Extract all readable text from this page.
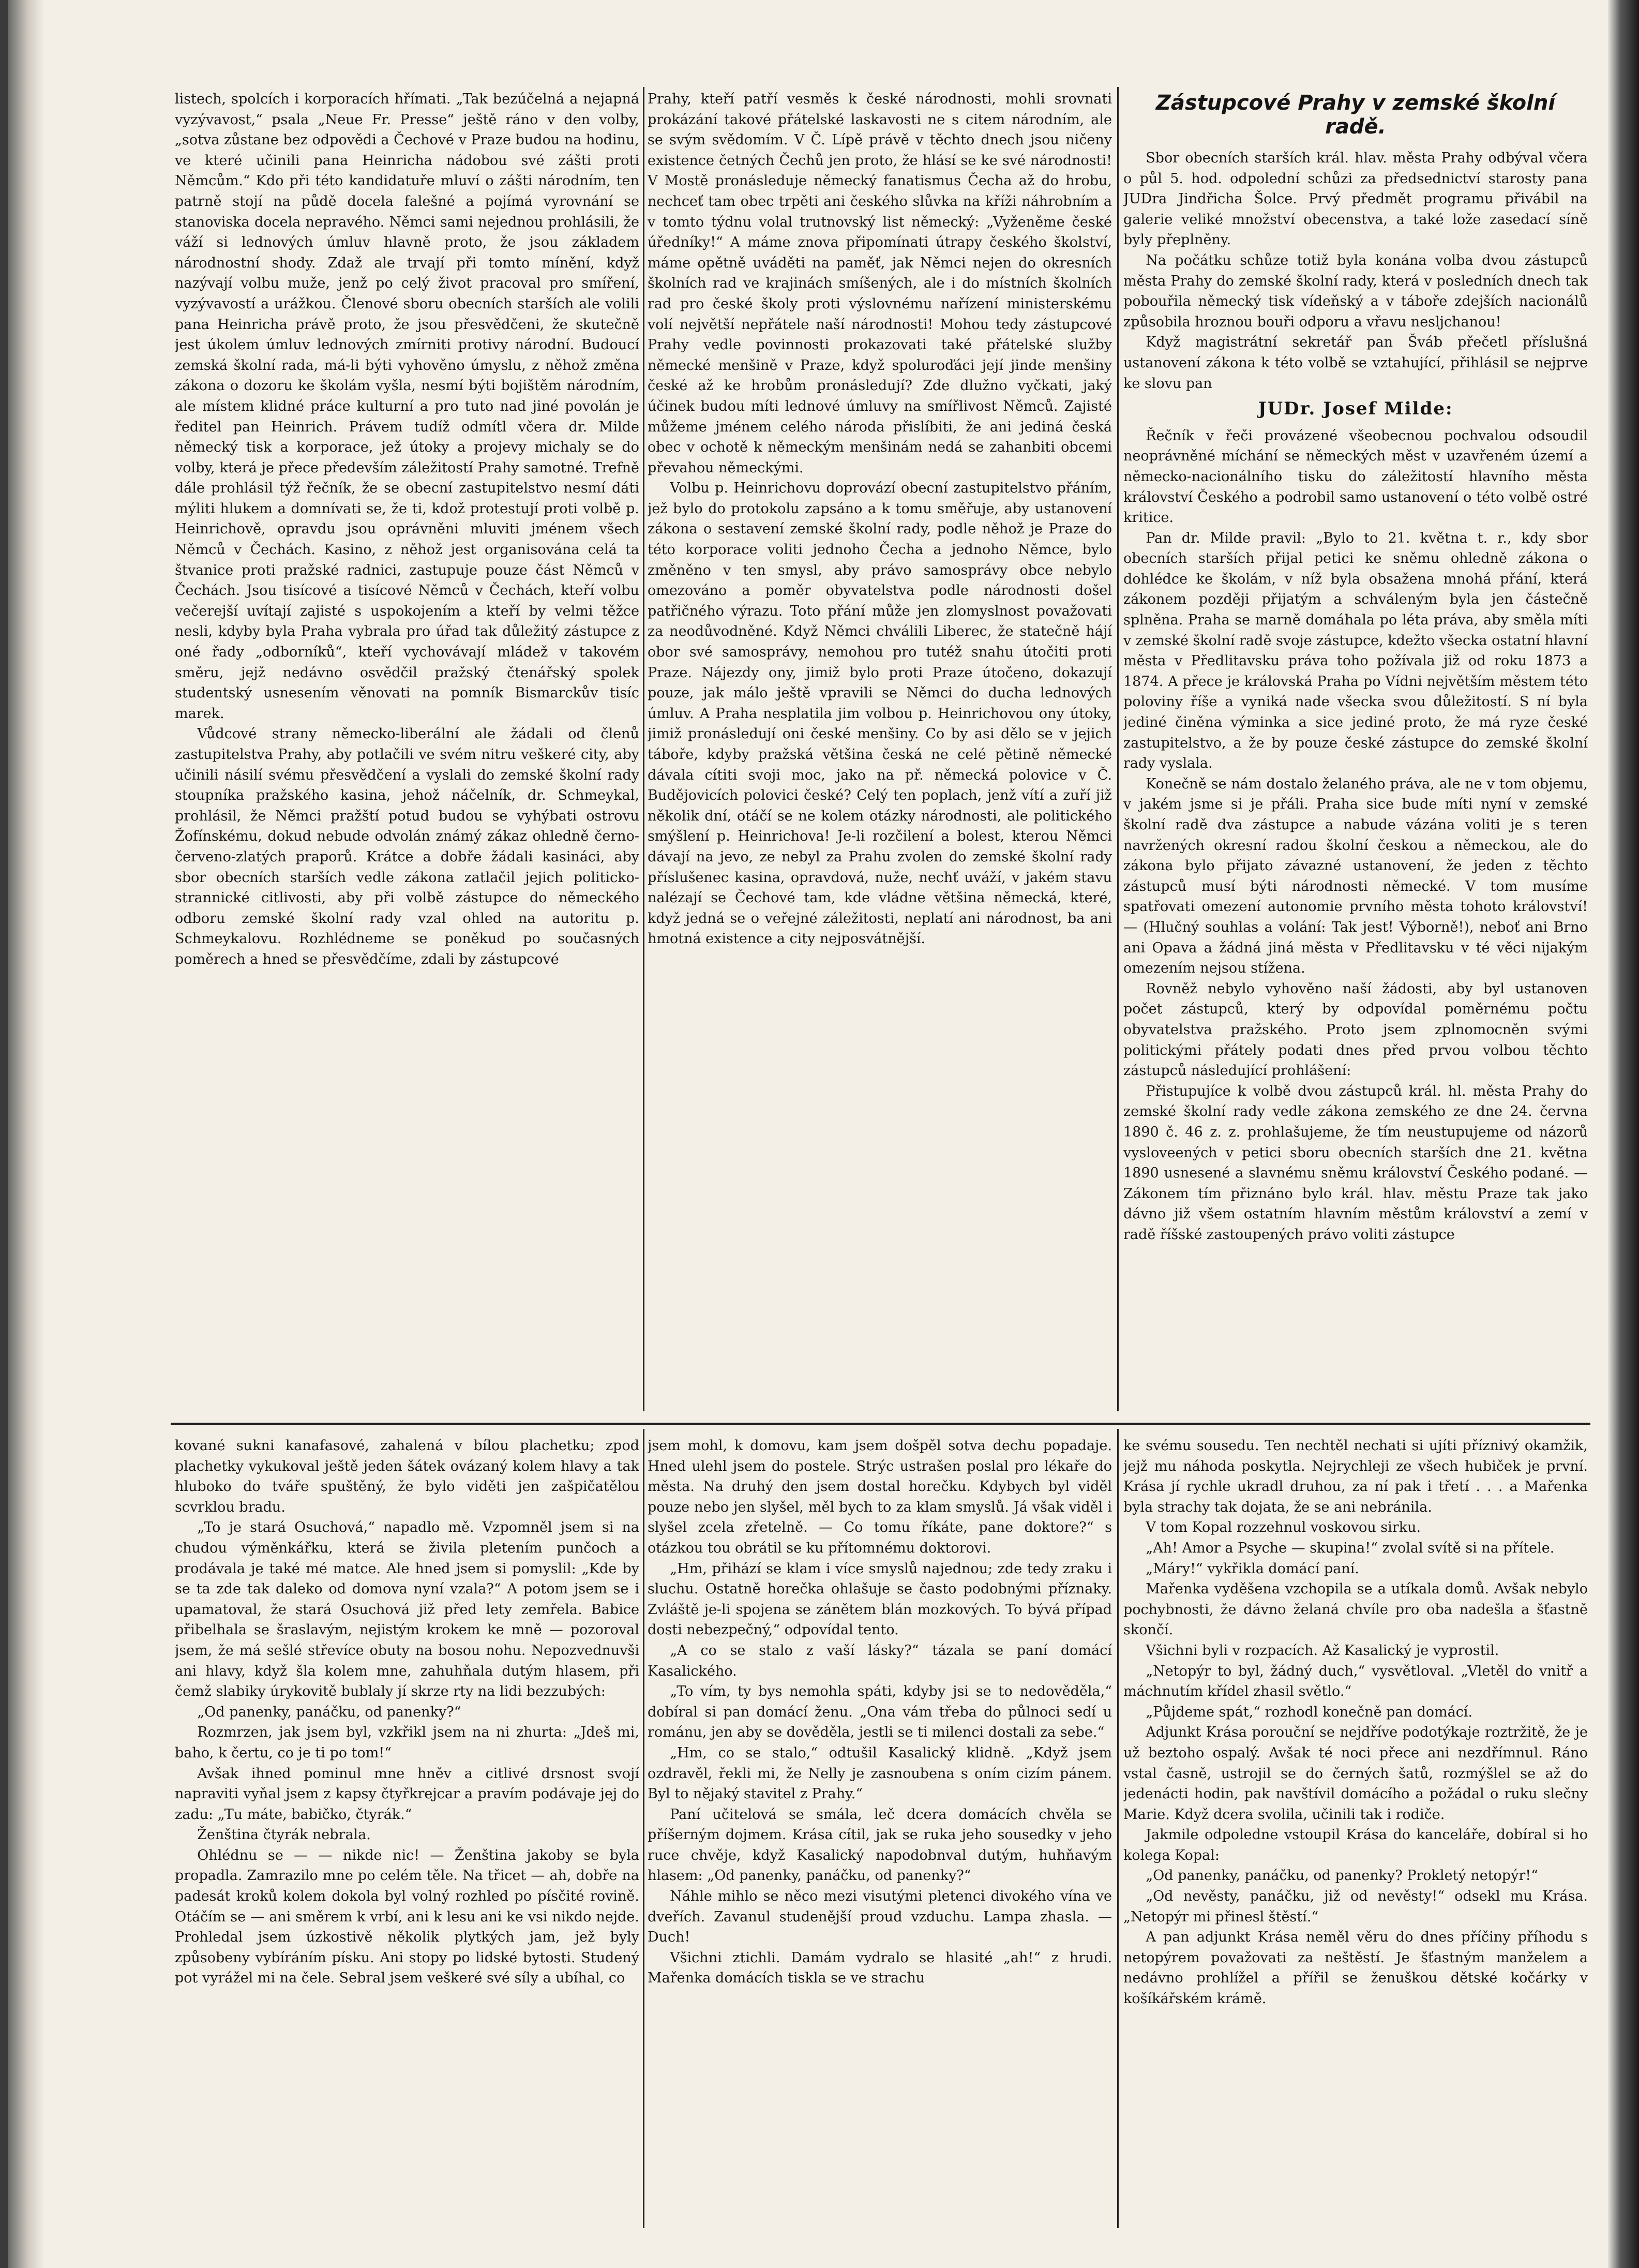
listech, spolcích i korporacích hřímati. „Tak bezúčelná a nejapná vyzývavost,“ psala „Neue Fr. Presse“ ještě ráno v den volby, „sotva zůstane bez odpovědi a Čechové v Praze budou na hodinu, ve které učinili pana Heinricha nádobou své zášti proti Němcům.“ Kdo při této kandidatuře mluví o zášti národním, ten patrně stojí na půdě docela falešné a pojímá vyrovnání se stanoviska docela nepravého. Němci sami nejednou prohlásili, že váží si lednových úmluv hlavně proto, že jsou základem národnostní shody. Zdaž ale trvají při tomto mínění, když nazývají volbu muže, jenž po celý život pracoval pro smíření, vyzývavostí a urážkou. Členové sboru obecních starších ale volili pana Heinricha právě proto, že jsou přesvědčeni, že skutečně jest úkolem úmluv lednových zmírniti protivy národní. Budoucí zemská školní rada, má-li býti vyhověno úmyslu, z něhož změna zákona o dozoru ke školám vyšla, nesmí býti bojištěm národním, ale místem klidné práce kulturní a pro tuto nad jiné povolán je ředitel pan Heinrich. Právem tudíž odmítl včera dr. Milde německý tisk a korporace, jež útoky a projevy michaly se do volby, která je přece především záležitostí Prahy samotné. Trefně dále prohlásil týž řečník, že se obecní zastupitelstvo nesmí dáti mýliti hlukem a domnívati se, že ti, kdož protestují proti volbě p. Heinrichově, opravdu jsou oprávněni mluviti jménem všech Němců v Čechách. Kasino, z něhož jest organisována celá ta štvanice proti pražské radnici, zastupuje pouze část Němců v Čechách. Jsou tisícové a tisícové Němců v Čechách, kteří volbu večerejší uvítají zajisté s uspokojením a kteří by velmi těžce nesli, kdyby byla Praha vybrala pro úřad tak důležitý zástupce z oné řady „odborníků“, kteří vychovávají mládež v takovém směru, jejž nedávno osvědčil pražský čtenářský spolek studentský usnesením věnovati na pomník Bismarckův tisíc marek.

Vůdcové strany německo-liberální ale žádali od členů zastupitelstva Prahy, aby potlačili ve svém nitru veškeré city, aby učinili násilí svému přesvědčení a vyslali do zemské školní rady stoupníka pražského kasina, jehož náčelník, dr. Schmeykal, prohlásil, že Němci pražští potud budou se vyhýbati ostrovu Žofínskému, dokud nebude odvolán známý zákaz ohledně černo-červeno-zlatých praporů. Krátce a dobře žádali kasináci, aby sbor obecních starších vedle zákona zatlačil jejich politicko-strannické citlivosti, aby při volbě zástupce do německého odboru zemské školní rady vzal ohled na autoritu p. Schmeykalovu. Rozhlédneme se poněkud po současných poměrech a hned se přesvědčíme, zdali by zástupcové

Prahy, kteří patří vesměs k české národnosti, mohli srovnati prokázání takové přátelské laskavosti ne s citem národním, ale se svým svědomím. V Č. Lípě právě v těchto dnech jsou ničeny existence četných Čechů jen proto, že hlásí se ke své národnosti! V Mostě pronásleduje německý fanatismus Čecha až do hrobu, nechceť tam obec trpěti ani českého slůvka na kříži náhrobním a v tomto týdnu volal trutnovský list německý: „Vyženěme české úředníky!“ A máme znova připomínati útrapy českého školství, máme opětně uváděti na paměť, jak Němci nejen do okresních školních rad ve krajinách smíšených, ale i do místních školních rad pro české školy proti výslovnému nařízení ministerskému volí největší nepřátele naší národnosti! Mohou tedy zástupcové Prahy vedle povinnosti prokazovati také přátelské služby německé menšině v Praze, když spoluroďáci její jinde menšiny české až ke hrobům pronásledují? Zde dlužno vyčkati, jaký účinek budou míti lednové úmluvy na smířlivost Němců. Zajisté můžeme jménem celého národa přislíbiti, že ani jediná česká obec v ochotě k německým menšinám nedá se zahanbiti obcemi převahou německými.

Volbu p. Heinrichovu doprovází obecní zastupitelstvo přáním, jež bylo do protokolu zapsáno a k tomu směřuje, aby ustanovení zákona o sestavení zemské školní rady, podle něhož je Praze do této korporace voliti jednoho Čecha a jednoho Němce, bylo změněno v ten smysl, aby právo samosprávy obce nebylo omezováno a poměr obyvatelstva podle národnosti došel patřičného výrazu. Toto přání může jen zlomyslnost považovati za neodůvodněné. Když Němci chválili Liberec, že statečně hájí obor své samosprávy, nemohou pro tutéž snahu útočiti proti Praze. Nájezdy ony, jimiž bylo proti Praze útočeno, dokazují pouze, jak málo ještě vpravili se Němci do ducha lednových úmluv. A Praha nesplatila jim volbou p. Heinrichovou ony útoky, jimiž pronásledují oni české menšiny. Co by asi dělo se v jejich táboře, kdyby pražská většina česká ne celé pětině německé dávala cítiti svoji moc, jako na př. německá polovice v Č. Budějovicích polovici české? Celý ten poplach, jenž vítí a zuří již několik dní, otáčí se ne kolem otázky národnosti, ale politického smýšlení p. Heinrichova! Je-li rozčilení a bolest, kterou Němci dávají na jevo, ze nebyl za Prahu zvolen do zemské školní rady příslušenec kasina, opravdová, nuže, nechť uváží, v jakém stavu nalézají se Čechové tam, kde vládne většina německá, které, když jedná se o veřejné záležitosti, neplatí ani národnost, ba ani hmotná existence a city nejposvátnější.

Zástupcové Prahy v zemské školní radě.

Sbor obecních starších král. hlav. města Prahy odbýval včera o půl 5. hod. odpolední schůzi za předsednictví starosty pana JUDra Jindřicha Šolce. Prvý předmět programu přivábil na galerie veliké množství obecenstva, a také lože zasedací síně byly přeplněny.

Na počátku schůze totiž byla konána volba dvou zástupců města Prahy do zemské školní rady, která v posledních dnech tak pobouřila německý tisk vídeňský a v táboře zdejších nacionálů způsobila hroznou bouři odporu a vřavu nesljchanou!

Když magistrátní sekretář pan Šváb přečetl příslušná ustanovení zákona k této volbě se vztahující, přihlásil se nejprve ke slovu pan

JUDr. Josef Milde:

Řečník v řeči provázené všeobecnou pochvalou odsoudil neoprávněné míchání se německých měst v uzavřeném území a německo-nacionálního tisku do záležitostí hlavního města království Českého a podrobil samo ustanovení o této volbě ostré kritice.

Pan dr. Milde pravil: „Bylo to 21. května t. r., kdy sbor obecních starších přijal petici ke sněmu ohledně zákona o dohlédce ke školám, v níž byla obsažena mnohá přání, která zákonem později přijatým a schváleným byla jen částečně splněna. Praha se marně domáhala po léta práva, aby směla míti v zemské školní radě svoje zástupce, kdežto všecka ostatní hlavní města v Předlitavsku práva toho požívala již od roku 1873 a 1874. A přece je královská Praha po Vídni největším městem této poloviny říše a vyniká nade všecka svou důležitostí. S ní byla jediné činěna výminka a sice jediné proto, že má ryze české zastupitelstvo, a že by pouze české zástupce do zemské školní rady vyslala.

Konečně se nám dostalo želaného práva, ale ne v tom objemu, v jakém jsme si je přáli. Praha sice bude míti nyní v zemské školní radě dva zástupce a nabude vázána voliti je s teren navržených okresní radou školní českou a německou, ale do zákona bylo přijato závazné ustanovení, že jeden z těchto zástupců musí býti národnosti německé. V tom musíme spatřovati omezení autonomie prvního města tohoto království! — (Hlučný souhlas a volání: Tak jest! Výborně!), neboť ani Brno ani Opava a žádná jiná města v Předlitavsku v té věci nijakým omezením nejsou stížena.

Rovněž nebylo vyhověno naší žádosti, aby byl ustanoven počet zástupců, který by odpovídal poměrnému počtu obyvatelstva pražského. Proto jsem zplnomocněn svými politickými přátely podati dnes před prvou volbou těchto zástupců následující prohlášení:

Přistupujíce k volbě dvou zástupců král. hl. města Prahy do zemské školní rady vedle zákona zemského ze dne 24. června 1890 č. 46 z. z. prohlašujeme, že tím neustupujeme od názorů vysloveených v petici sboru obecních starších dne 21. května 1890 usnesené a slavnému sněmu království Českého podané. — Zákonem tím přiznáno bylo král. hlav. městu Praze tak jako dávno již všem ostatním hlavním městům království a zemí v radě říšské zastoupených právo voliti zástupce

kované sukni kanafasové, zahalená v bílou plachetku; zpod plachetky vykukoval ještě jeden šátek ovázaný kolem hlavy a tak hluboko do tváře spuštěný, že bylo viděti jen zašpičatělou scvrklou bradu.

„To je stará Osuchová,“ napadlo mě. Vzpomněl jsem si na chudou výměnkářku, která se živila pletením punčoch a prodávala je také mé matce. Ale hned jsem si pomyslil: „Kde by se ta zde tak daleko od domova nyní vzala?“ A potom jsem se i upamatoval, že stará Osuchová již před lety zemřela. Babice přibelhala se šraslavým, nejistým krokem ke mně — pozoroval jsem, že má sešlé střevíce obuty na bosou nohu. Nepozvednuvši ani hlavy, když šla kolem mne, zahuhňala dutým hlasem, při čemž slabiky úrykovitě bublaly jí skrze rty na lidi bezzubých:

„Od panenky, panáčku, od panenky?“

Rozmrzen, jak jsem byl, vzkřikl jsem na ni zhurta: „Jdeš mi, baho, k čertu, co je ti po tom!“

Avšak ihned pominul mne hněv a citlivé drsnost svojí napraviti vyňal jsem z kapsy čtyřkrejcar a pravím podávaje jej do zadu: „Tu máte, babičko, čtyrák.“

Ženština čtyrák nebrala.

Ohlédnu se — — nikde nic! — Ženština jakoby se byla propadla. Zamrazilo mne po celém těle. Na třicet — ah, dobře na padesát kroků kolem dokola byl volný rozhled po písčité rovině. Otáčím se — ani směrem k vrbí, ani k lesu ani ke vsi nikdo nejde. Prohledal jsem úzkostivě několik plytkých jam, jež byly způsobeny vybíráním písku. Ani stopy po lidské bytosti. Studený pot vyrážel mi na čele. Sebral jsem veškeré své síly a ubíhal, co

jsem mohl, k domovu, kam jsem došpěl sotva dechu popadaje. Hned ulehl jsem do postele. Strýc ustrašen poslal pro lékaře do města. Na druhý den jsem dostal horečku. Kdybych byl viděl pouze nebo jen slyšel, měl bych to za klam smyslů. Já však viděl i slyšel zcela zřetelně. — Co tomu říkáte, pane doktore?“ s otázkou tou obrátil se ku přítomnému doktorovi.

„Hm, přihází se klam i více smyslů najednou; zde tedy zraku i sluchu. Ostatně horečka ohlašuje se často podobnými příznaky. Zvláště je-li spojena se zánětem blán mozkových. To bývá případ dosti nebezpečný,“ odpovídal tento.

„A co se stalo z vaší lásky?“ tázala se paní domácí Kasalického.

„To vím, ty bys nemohla spáti, kdyby jsi se to nedověděla,“ dobíral si pan domácí ženu. „Ona vám třeba do půlnoci sedí u románu, jen aby se dověděla, jestli se ti milenci dostali za sebe.“

„Hm, co se stalo,“ odtušil Kasalický klidně. „Když jsem ozdravěl, řekli mi, že Nelly je zasnoubena s oním cizím pánem. Byl to nějaký stavitel z Prahy.“

Paní učitelová se smála, leč dcera domácích chvěla se příšerným dojmem. Krása cítil, jak se ruka jeho sousedky v jeho ruce chvěje, když Kasalický napodobnval dutým, huhňavým hlasem: „Od panenky, panáčku, od panenky?“

Náhle mihlo se něco mezi visutými pletenci divokého vína ve dveřích. Zavanul studenější proud vzduchu. Lampa zhasla. — Duch!

Všichni ztichli. Damám vydralo se hlasité „ah!“ z hrudi. Mařenka domácích tiskla se ve strachu

ke svému sousedu. Ten nechtěl nechati si ujíti příznivý okamžik, jejž mu náhoda poskytla. Nejrychleji ze všech hubiček je první. Krása jí rychle ukradl druhou, za ní pak i třetí . . . a Mařenka byla strachy tak dojata, že se ani nebránila.

V tom Kopal rozzehnul voskovou sirku.

„Ah! Amor a Psyche — skupina!“ zvolal svítě si na přítele.

„Máry!“ vykřikla domácí paní.

Mařenka vyděšena vzchopila se a utíkala domů. Avšak nebylo pochybnosti, že dávno želaná chvíle pro oba nadešla a šťastně skončí.

Všichni byli v rozpacích. Až Kasalický je vyprostil.

„Netopýr to byl, žádný duch,“ vysvětloval. „Vletěl do vnitř a máchnutím křídel zhasil světlo.“

„Půjdeme spát,“ rozhodl konečně pan domácí.

Adjunkt Krása porouční se nejdříve podotýkaje roztržitě, že je už beztoho ospalý. Avšak té noci přece ani nezdřímnul. Ráno vstal časně, ustrojil se do černých šatů, rozmýšlel se až do jedenácti hodin, pak navštívil domácího a požádal o ruku slečny Marie. Když dcera svolila, učinili tak i rodiče.

Jakmile odpoledne vstoupil Krása do kanceláře, dobíral si ho kolega Kopal:

„Od panenky, panáčku, od panenky? Prokletý netopýr!“

„Od nevěsty, panáčku, již od nevěsty!“ odsekl mu Krása. „Netopýr mi přinesl štěstí.“

A pan adjunkt Krása neměl věru do dnes příčiny příhodu s netopýrem považovati za neštěstí. Je šťastným manželem a nedávno prohlížel a přířil se ženuškou dětské kočárky v košíkářském krámě.
